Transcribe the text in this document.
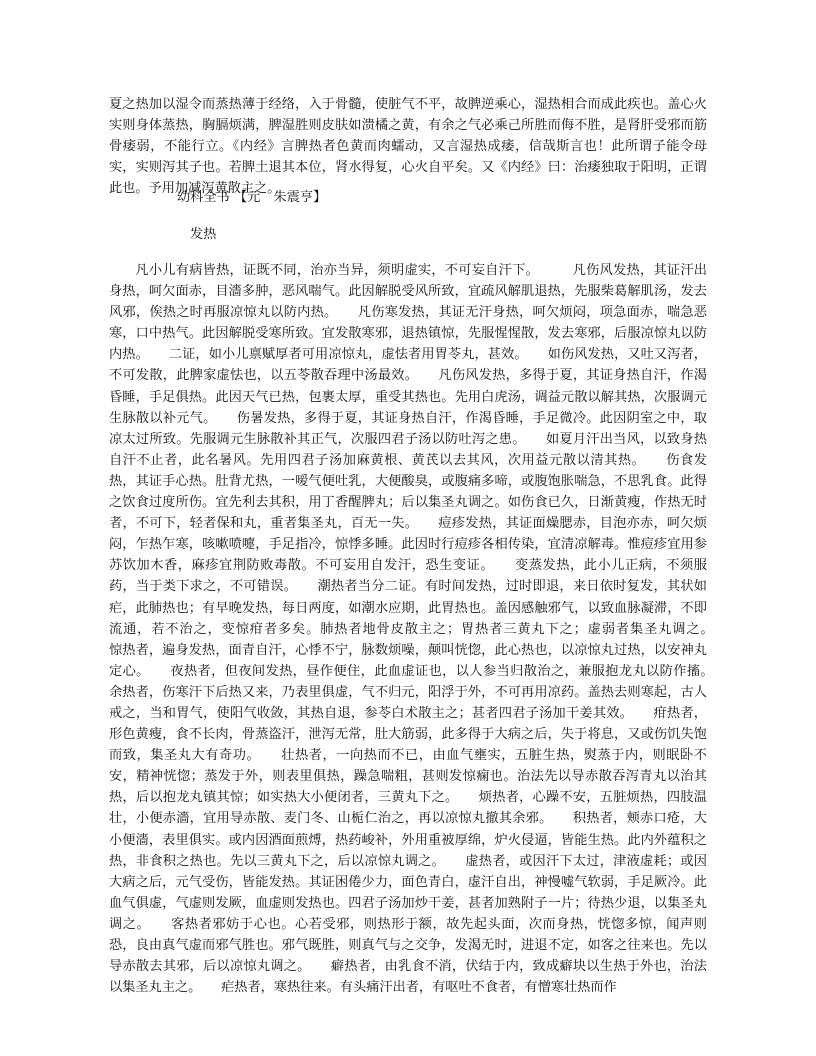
夏之热加以湿令而蒸热薄于经络，入于骨髓，使脏气不平，故脾逆乘心，湿热相合而成此疾也。盖心火实则身体蒸热，胸膈烦满，脾湿胜则皮肤如溃橘之黄，有余之气必乘己所胜而侮不胜，是肾肝受邪而筋骨痿弱，不能行立。《内经》言脾热者色黄而肉蠕动，又言湿热成痿，信哉斯言也！此所谓子能令母实，实则泻其子也。若脾土退其本位，肾水得复，心火自平矣。又《内经》曰：治痿独取于阳明，正谓此也。予用加减泻黄散主之。

幼科全书 【元　朱震亨】

发热

凡小儿有病皆热，证既不同，治亦当异，须明虚实，不可妄自汗下。　　　凡伤风发热，其证汗出身热，呵欠面赤，目濇多肿，恶风喘气。此因解脱受风所致，宜疏风解肌退热，先服柴葛解肌汤，发去风邪，俟热之时再服凉惊丸以防内热。　　凡伤寒发热，其证无汗身热，呵欠烦闷，项急面赤，喘急恶寒，口中热气。此因解脱受寒所致。宜发散寒邪，退热镇惊，先服惺惺散，发去寒邪，后服凉惊丸以防内热。　　二证，如小儿禀赋厚者可用凉惊丸，虚怯者用胃苓丸，甚效。　　如伤风发热，又吐又泻者，不可发散，此脾家虚怯也，以五苓散吞理中汤最效。　　凡伤风发热，多得于夏，其证身热自汗，作渴昏睡，手足俱热。此因天气已热，包裹太厚，重受其热也。先用白虎汤，调益元散以解其热，次服调元生脉散以补元气。　　伤暑发热，多得于夏，其证身热自汗，作渴昏睡，手足微冷。此因阴室之中，取凉太过所致。先服调元生脉散补其正气，次服四君子汤以防吐泻之患。　　如夏月汗出当风，以致身热自汗不止者，此名暑风。先用四君子汤加麻黄根、黄芪以去其风，次用益元散以清其热。　　伤食发热，其证手心热。肚背尤热，一嗳气便吐乳，大便酸臭，或腹痛多啼，或腹饱胀喘急，不思乳食。此得之饮食过度所伤。宜先利去其积，用丁香醒脾丸；后以集圣丸调之。如伤食已久，日渐黄瘦，作热无时者，不可下，轻者保和丸，重者集圣丸，百无一失。　　痘疹发热，其证面燥腮赤，目泡亦赤，呵欠烦闷，乍热乍寒，咳嗽喷嚏，手足指冷，惊悸多睡。此因时行痘疹各相传染，宜清凉解毒。惟痘疹宜用参苏饮加木香，麻疹宜荆防败毒散。不可妄用自发汗，恐生变证。　　变蒸发热，此小儿正病，不须服药，当于类下求之，不可错误。　　潮热者当分二证。有时间发热，过时即退，来日依时复发，其状如疟，此肺热也；有早晚发热，每日两度，如潮水应期，此胃热也。盖因感触邪气，以致血脉凝滞，不即流通，若不治之，变惊疳者多矣。肺热者地骨皮散主之；胃热者三黄丸下之；虚弱者集圣丸调之。　　惊热者，遍身发热，面青自汗，心悸不宁，脉数烦噪，颠叫恍惚，此心热也，以凉惊丸过热，以安神丸定心。　　夜热者，但夜间发热，昼作便住，此血虚证也，以人参当归散治之，兼服抱龙丸以防作搐。　　余热者，伤寒汗下后热又来，乃表里俱虚，气不归元，阳浮于外，不可再用凉药。盖热去则寒起，古人戒之，当和胃气，使阳气收敛，其热自退，参苓白术散主之；甚者四君子汤加干姜其效。　　疳热者，形色黄瘦，食不长肉，骨蒸盗汗，泄泻无常，肚大筋弱，此多得于大病之后，失于将息，又或伤饥失饱而致，集圣丸大有奇功。　　壮热者，一向热而不已，由血气壅实，五脏生热，熨蒸于内，则眠卧不安，精神恍惚；蒸发于外，则表里俱热，躁急喘粗，甚则发惊痫也。治法先以导赤散吞泻青丸以治其热，后以抱龙丸镇其惊；如实热大小便闭者，三黄丸下之。　　烦热者，心躁不安，五脏烦热，四肢温壮，小便赤濇，宜用导赤散、麦门冬、山栀仁治之，再以凉惊丸撤其余邪。　　积热者，颊赤口疮，大小便濇，表里俱实。或内因酒面煎煿，热药峻补，外用重被厚绵，炉火侵逼，皆能生热。此内外蕴积之热，非食积之热也。先以三黄丸下之，后以凉惊丸调之。　　虚热者，或因汗下太过，津液虚耗；或因大病之后，元气受伤，皆能发热。其证困倦少力，面色青白，虚汗自出，神慢嘘气软弱，手足厥冷。此血气俱虚，气虚则发厥，血虚则发热也。四君子汤加炒干姜，甚者加熟附子一片；待热少退，以集圣丸调之。　　客热者邪妨于心也。心若受邪，则热形于额，故先起头面，次而身热，恍惚多惊，闻声则恐，良由真气虚而邪气胜也。邪气既胜，则真气与之交争，发渴无时，进退不定，如客之往来也。先以导赤散去其邪，后以凉惊丸调之。　　癖热者，由乳食不消，伏结于内，致成癖块以生热于外也，治法以集圣丸主之。　　疟热者，寒热往来。有头痛汗出者，有呕吐不食者，有憎寒壮热而作
